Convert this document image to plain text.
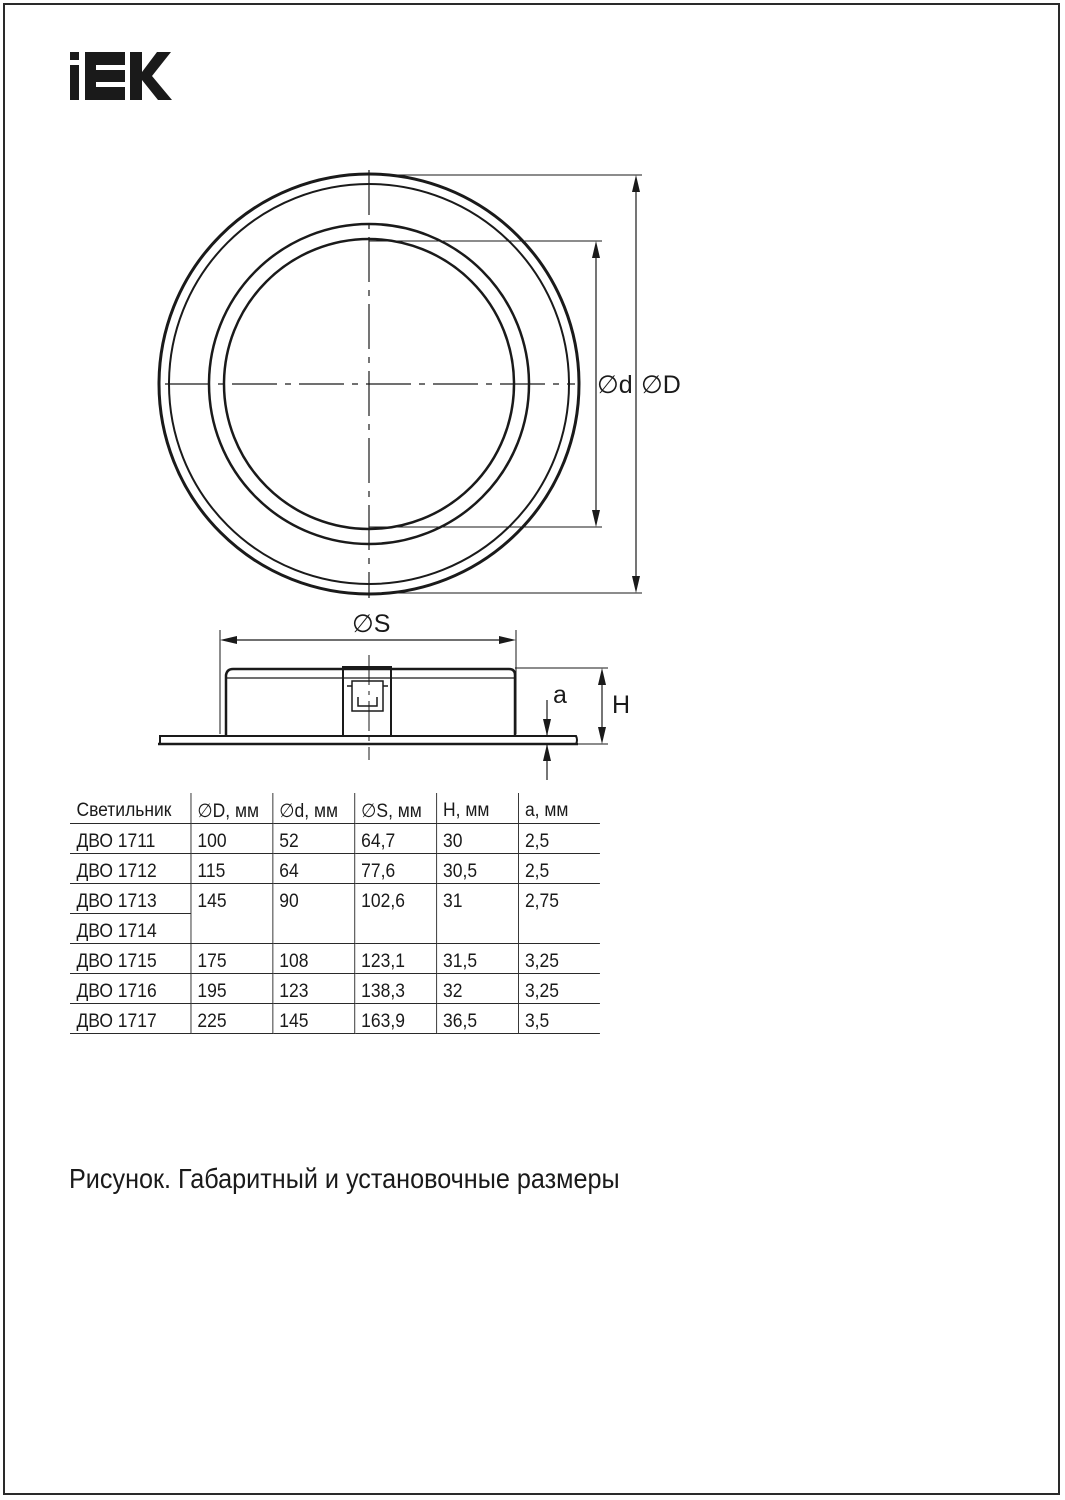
∅d ∅D
∅S
a H
Светильник	∅D, мм	∅d, мм	∅S, мм	H, мм	a, мм
ДВО 1711	100	52	64,7	30	2,5
ДВО 1712	115	64	77,6	30,5	2,5
ДВО 1713	145	90	102,6	31	2,75
ДВО 1714					
ДВО 1715	175	108	123,1	31,5	3,25
ДВО 1716	195	123	138,3	32	3,25
ДВО 1717	225	145	163,9	36,5	3,5
Рисунок. Габаритный и установочные размеры
